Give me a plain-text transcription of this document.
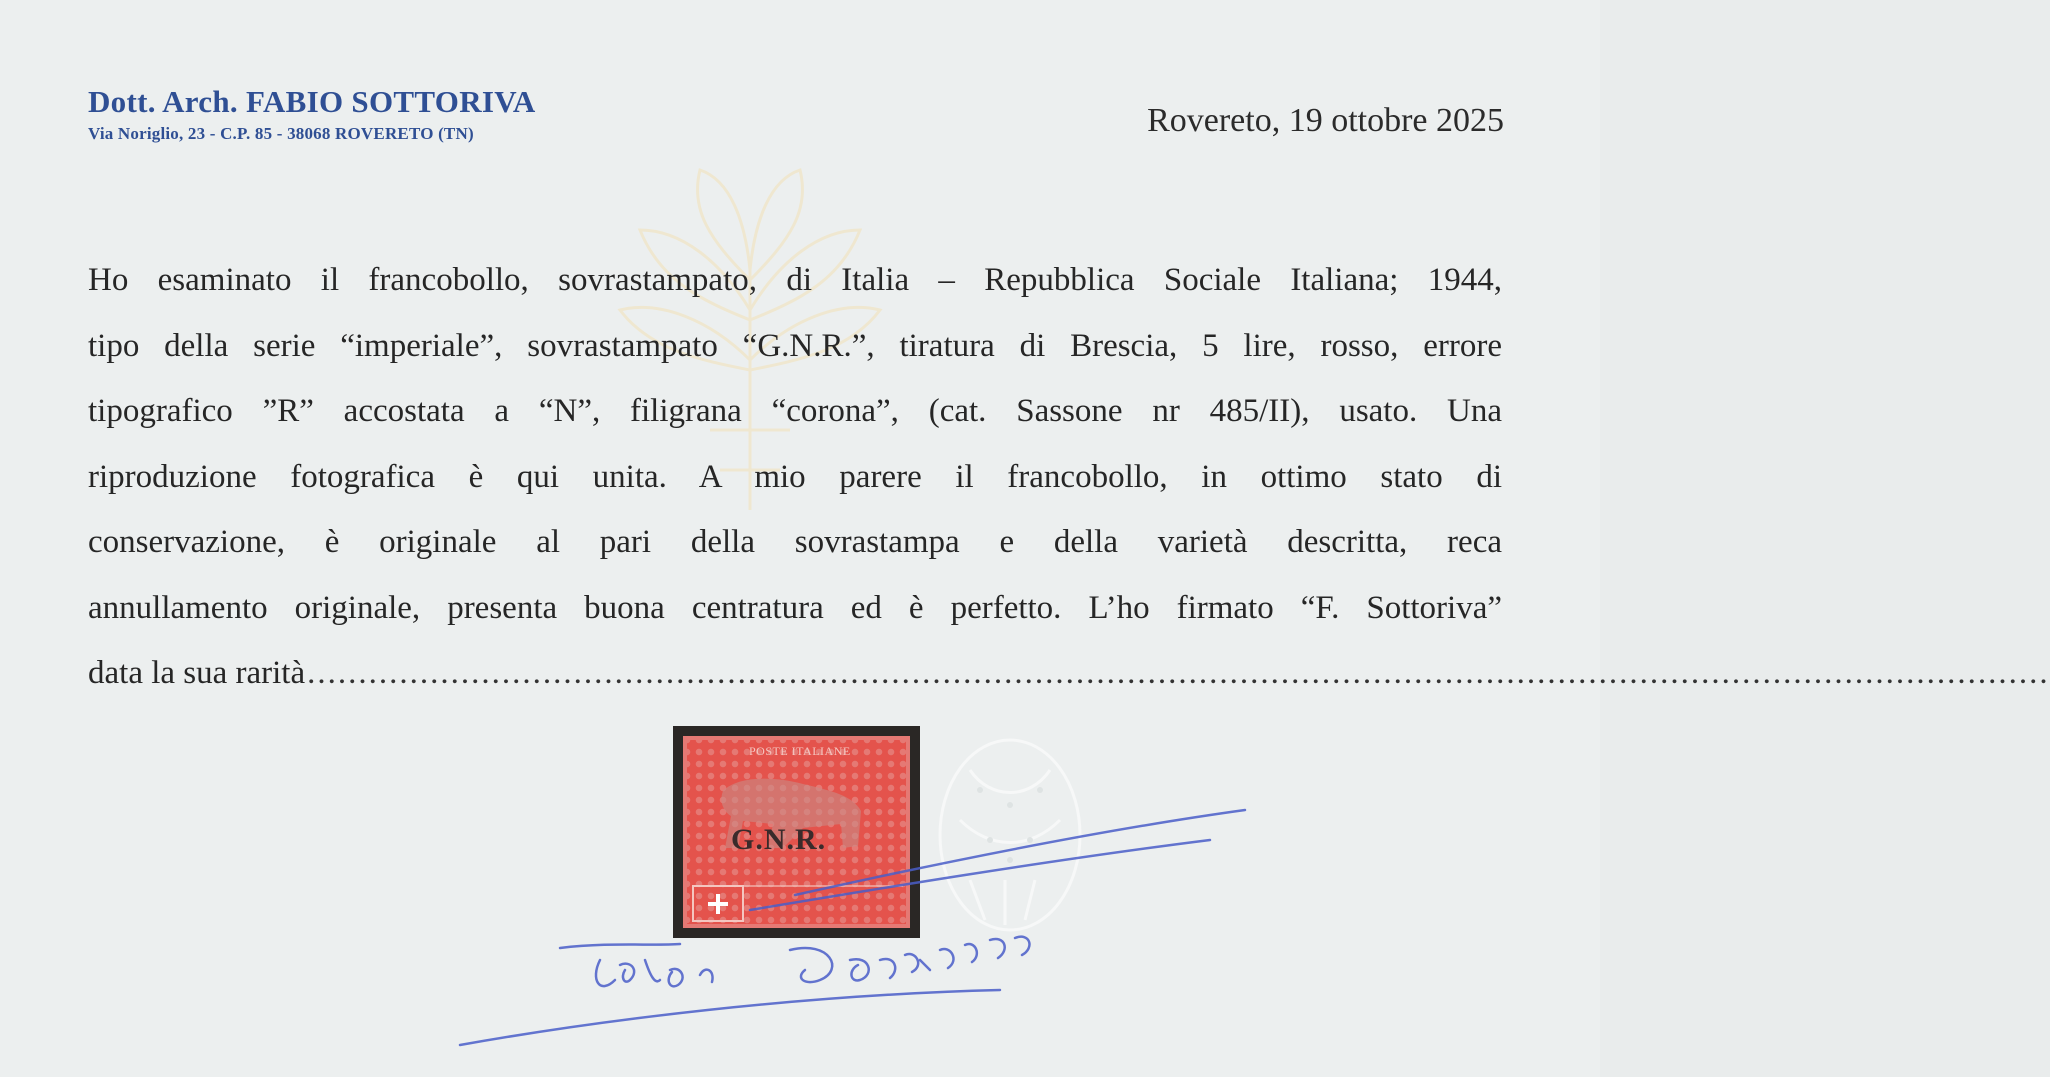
Dott. Arch. FABIO SOTTORIVA
Via Noriglio, 23 - C.P. 85 - 38068 ROVERETO (TN)	Rovereto, 19 ottobre 2025
Ho esaminato il francobollo, sovrastampato, di Italia – Repubblica Sociale Italiana; 1944,
tipo della serie “imperiale”, sovrastampato “G.N.R.”, tiratura di Brescia, 5 lire, rosso, errore
tipografico ”R” accostata a “N”, filigrana “corona”, (cat. Sassone nr 485/II), usato. Una
riproduzione fotografica è qui unita. A mio parere il francobollo, in ottimo stato di
conservazione, è originale al pari della sovrastampa e della varietà descritta, reca
annullamento originale, presenta buona centratura ed è perfetto. L’ho firmato “F. Sottoriva”
data la sua rarità ..........................................................................................................................................................................
POSTE ITALIANE
G.N.R.
